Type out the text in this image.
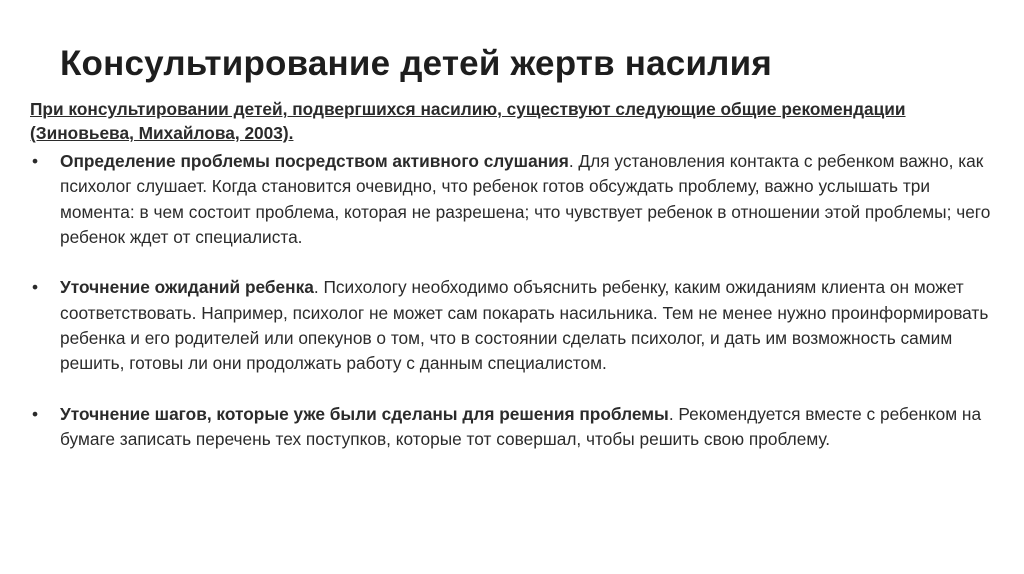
Консультирование детей жертв насилия
При консультировании детей, подвергшихся насилию, существуют следующие общие рекомендации (Зиновьева, Михайлова, 2003).
• Определение проблемы посредством активного слушания. Для установления контакта с ребенком важно, как психолог слушает. Когда становится очевидно, что ребенок готов обсуждать проблему, важно услышать три момента: в чем состоит проблема, которая не разрешена; что чувствует ребенок в отношении этой проблемы; чего ребенок ждет от специалиста.
• Уточнение ожиданий ребенка. Психологу необходимо объяснить ребенку, каким ожиданиям клиента он может соответствовать. Например, психолог не может сам покарать насильника. Тем не менее нужно проинформировать ребенка и его родителей или опекунов о том, что в состоянии сделать психолог, и дать им возможность самим решить, готовы ли они продолжать работу с данным специалистом.
• Уточнение шагов, которые уже были сделаны для решения проблемы. Рекомендуется вместе с ребенком на бумаге записать перечень тех поступков, которые тот совершал, чтобы решить свою проблему.
